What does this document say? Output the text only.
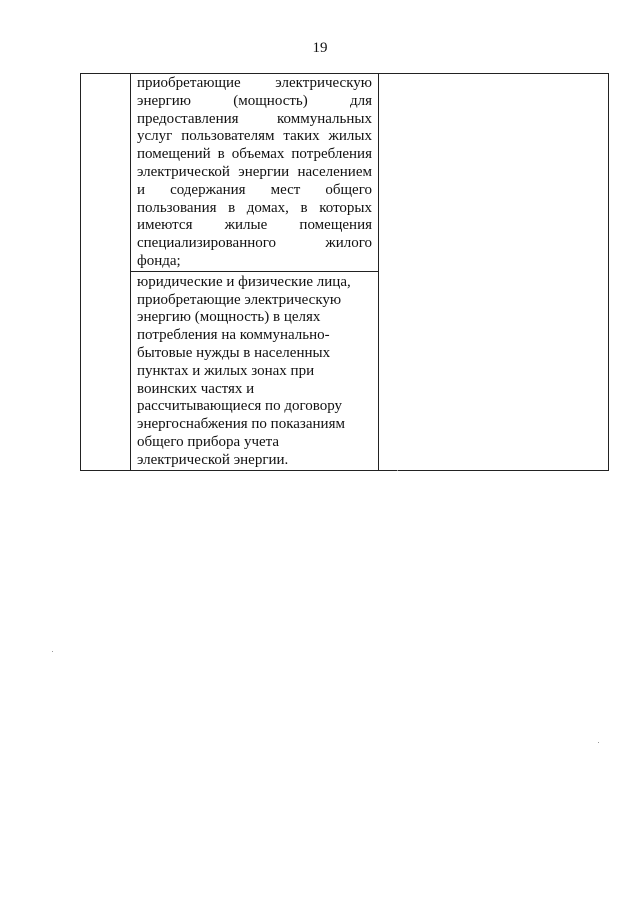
19

приобретающие электрическую
энергию (мощность) для
предоставления коммунальных
услуг пользователям таких жилых
помещений в объемах потребления
электрической энергии населением
и содержания мест общего
пользования в домах, в которых
имеются жилые помещения
специализированного жилого
фонда;

юридические и физические лица,
приобретающие электрическую
энергию (мощность) в целях
потребления на коммунально-
бытовые нужды в населенных
пунктах и жилых зонах при
воинских частях и
рассчитывающиеся по договору
энергоснабжения по показаниям
общего прибора учета
электрической энергии.
